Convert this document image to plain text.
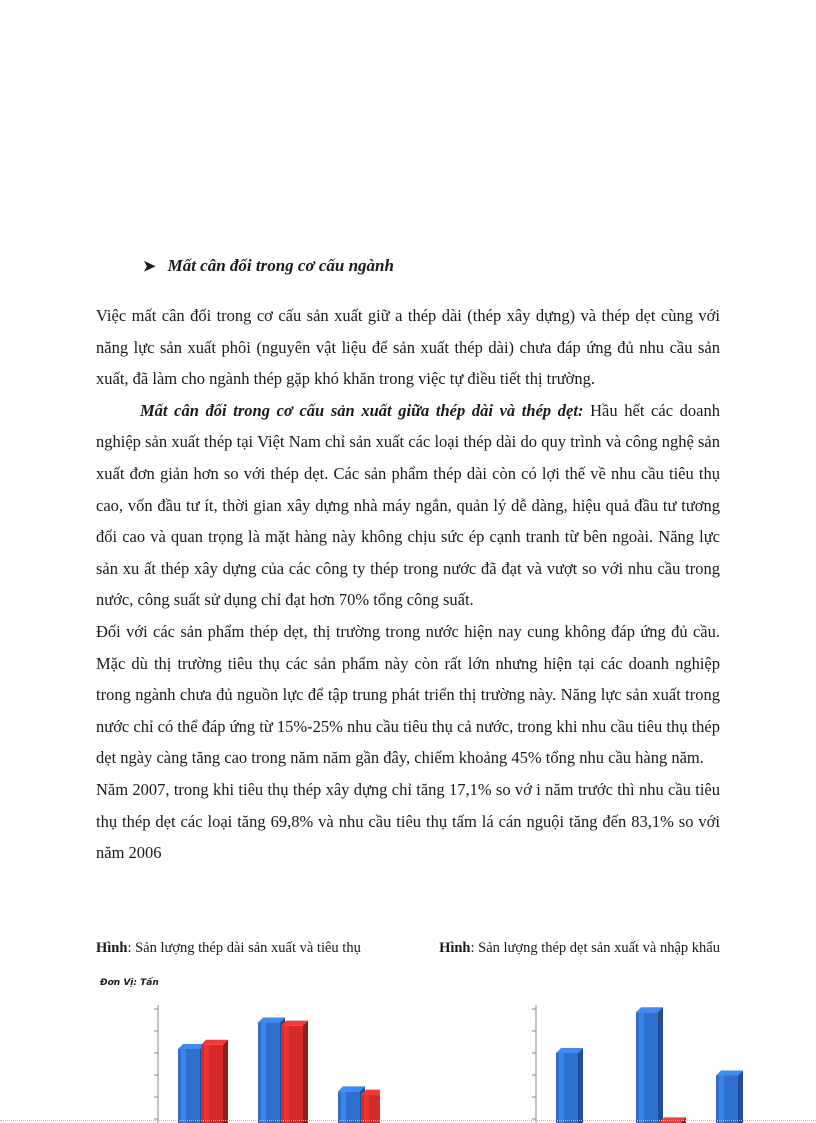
➤ Mất cân đối trong cơ cấu ngành

Việc mất cân đối trong cơ cấu sản xuất giữ a thép dài (thép xây dựng) và thép dẹt cùng với năng lực sản xuất phôi (nguyên vật liệu để sản xuất thép dài) chưa đáp ứng đủ nhu cầu sản xuất, đã làm cho ngành thép gặp khó khăn trong việc tự điều tiết thị trường.

Mất cân đối trong cơ cấu sản xuất giữa thép dài và thép dẹt: Hầu hết các doanh nghiệp sản xuất thép tại Việt Nam chỉ sản xuất các loại thép dài do quy trình và công nghệ sản xuất đơn giản hơn so với thép dẹt. Các sản phẩm thép dài còn có lợi thế về nhu cầu tiêu thụ cao, vốn đầu tư ít, thời gian xây dựng nhà máy ngắn, quản lý dễ dàng, hiệu quả đầu tư tương đối cao và quan trọng là mặt hàng này không chịu sức ép cạnh tranh từ bên ngoài. Năng lực sản xu ất thép xây dựng của các công ty thép trong nước đã đạt và vượt so với nhu cầu trong nước, công suất sử dụng chỉ đạt hơn 70% tổng công suất.

Đối với các sản phẩm thép dẹt, thị trường trong nước hiện nay cung không đáp ứng đủ cầu. Mặc dù thị trường tiêu thụ các sản phẩm này còn rất lớn nhưng hiện tại các doanh nghiệp trong ngành chưa đủ nguồn lực để tập trung phát triển thị trường này. Năng lực sản xuất trong nước chỉ có thể đáp ứng từ 15%-25% nhu cầu tiêu thụ cả nước, trong khi nhu cầu tiêu thụ thép dẹt ngày càng tăng cao trong năm năm gần đây, chiếm khoảng 45% tổng nhu cầu hàng năm.

Năm 2007, trong khi tiêu thụ thép xây dựng chỉ tăng 17,1% so vớ i năm trước thì nhu cầu tiêu thụ thép dẹt các loại tăng 69,8% và nhu cầu tiêu thụ tấm lá cán nguội tăng đến 83,1% so với năm 2006

Hình: Sản lượng thép dài sản xuất và tiêu thụ	Hình: Sản lượng thép dẹt sản xuất và nhập khẩu
Đơn Vị: Tấn
